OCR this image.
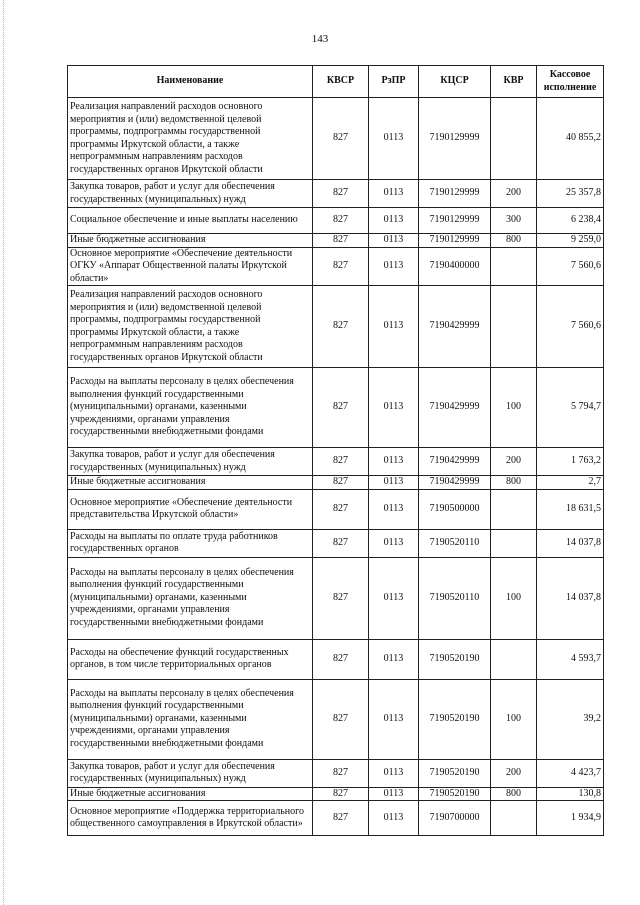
143
Наименование	КВСР	РзПР	КЦСР	КВР	Кассовое исполнение
Реализация направлений расходов основного мероприятия и (или) ведомственной целевой программы, подпрограммы государственной программы Иркутской области, а также непрограммным направлениям расходов государственных органов Иркутской области	827	0113	7190129999		40 855,2
Закупка товаров, работ и услуг для обеспечения государственных (муниципальных) нужд	827	0113	7190129999	200	25 357,8
Социальное обеспечение и иные выплаты населению	827	0113	7190129999	300	6 238,4
Иные бюджетные ассигнования	827	0113	7190129999	800	9 259,0
Основное мероприятие «Обеспечение деятельности ОГКУ «Аппарат Общественной палаты Иркутской области»	827	0113	7190400000		7 560,6
Реализация направлений расходов основного мероприятия и (или) ведомственной целевой программы, подпрограммы государственной программы Иркутской области, а также непрограммным направлениям расходов государственных органов Иркутской области	827	0113	7190429999		7 560,6
Расходы на выплаты персоналу в целях обеспечения выполнения функций государственными (муниципальными) органами, казенными учреждениями, органами управления государственными внебюджетными фондами	827	0113	7190429999	100	5 794,7
Закупка товаров, работ и услуг для обеспечения государственных (муниципальных) нужд	827	0113	7190429999	200	1 763,2
Иные бюджетные ассигнования	827	0113	7190429999	800	2,7
Основное мероприятие «Обеспечение деятельности представительства Иркутской области»	827	0113	7190500000		18 631,5
Расходы на выплаты по оплате труда работников государственных органов	827	0113	7190520110		14 037,8
Расходы на выплаты персоналу в целях обеспечения выполнения функций государственными (муниципальными) органами, казенными учреждениями, органами управления государственными внебюджетными фондами	827	0113	7190520110	100	14 037,8
Расходы на обеспечение функций государственных органов, в том числе территориальных органов	827	0113	7190520190		4 593,7
Расходы на выплаты персоналу в целях обеспечения выполнения функций государственными (муниципальными) органами, казенными учреждениями, органами управления государственными внебюджетными фондами	827	0113	7190520190	100	39,2
Закупка товаров, работ и услуг для обеспечения государственных (муниципальных) нужд	827	0113	7190520190	200	4 423,7
Иные бюджетные ассигнования	827	0113	7190520190	800	130,8
Основное мероприятие «Поддержка территориального общественного самоуправления в Иркутской области»	827	0113	7190700000		1 934,9
